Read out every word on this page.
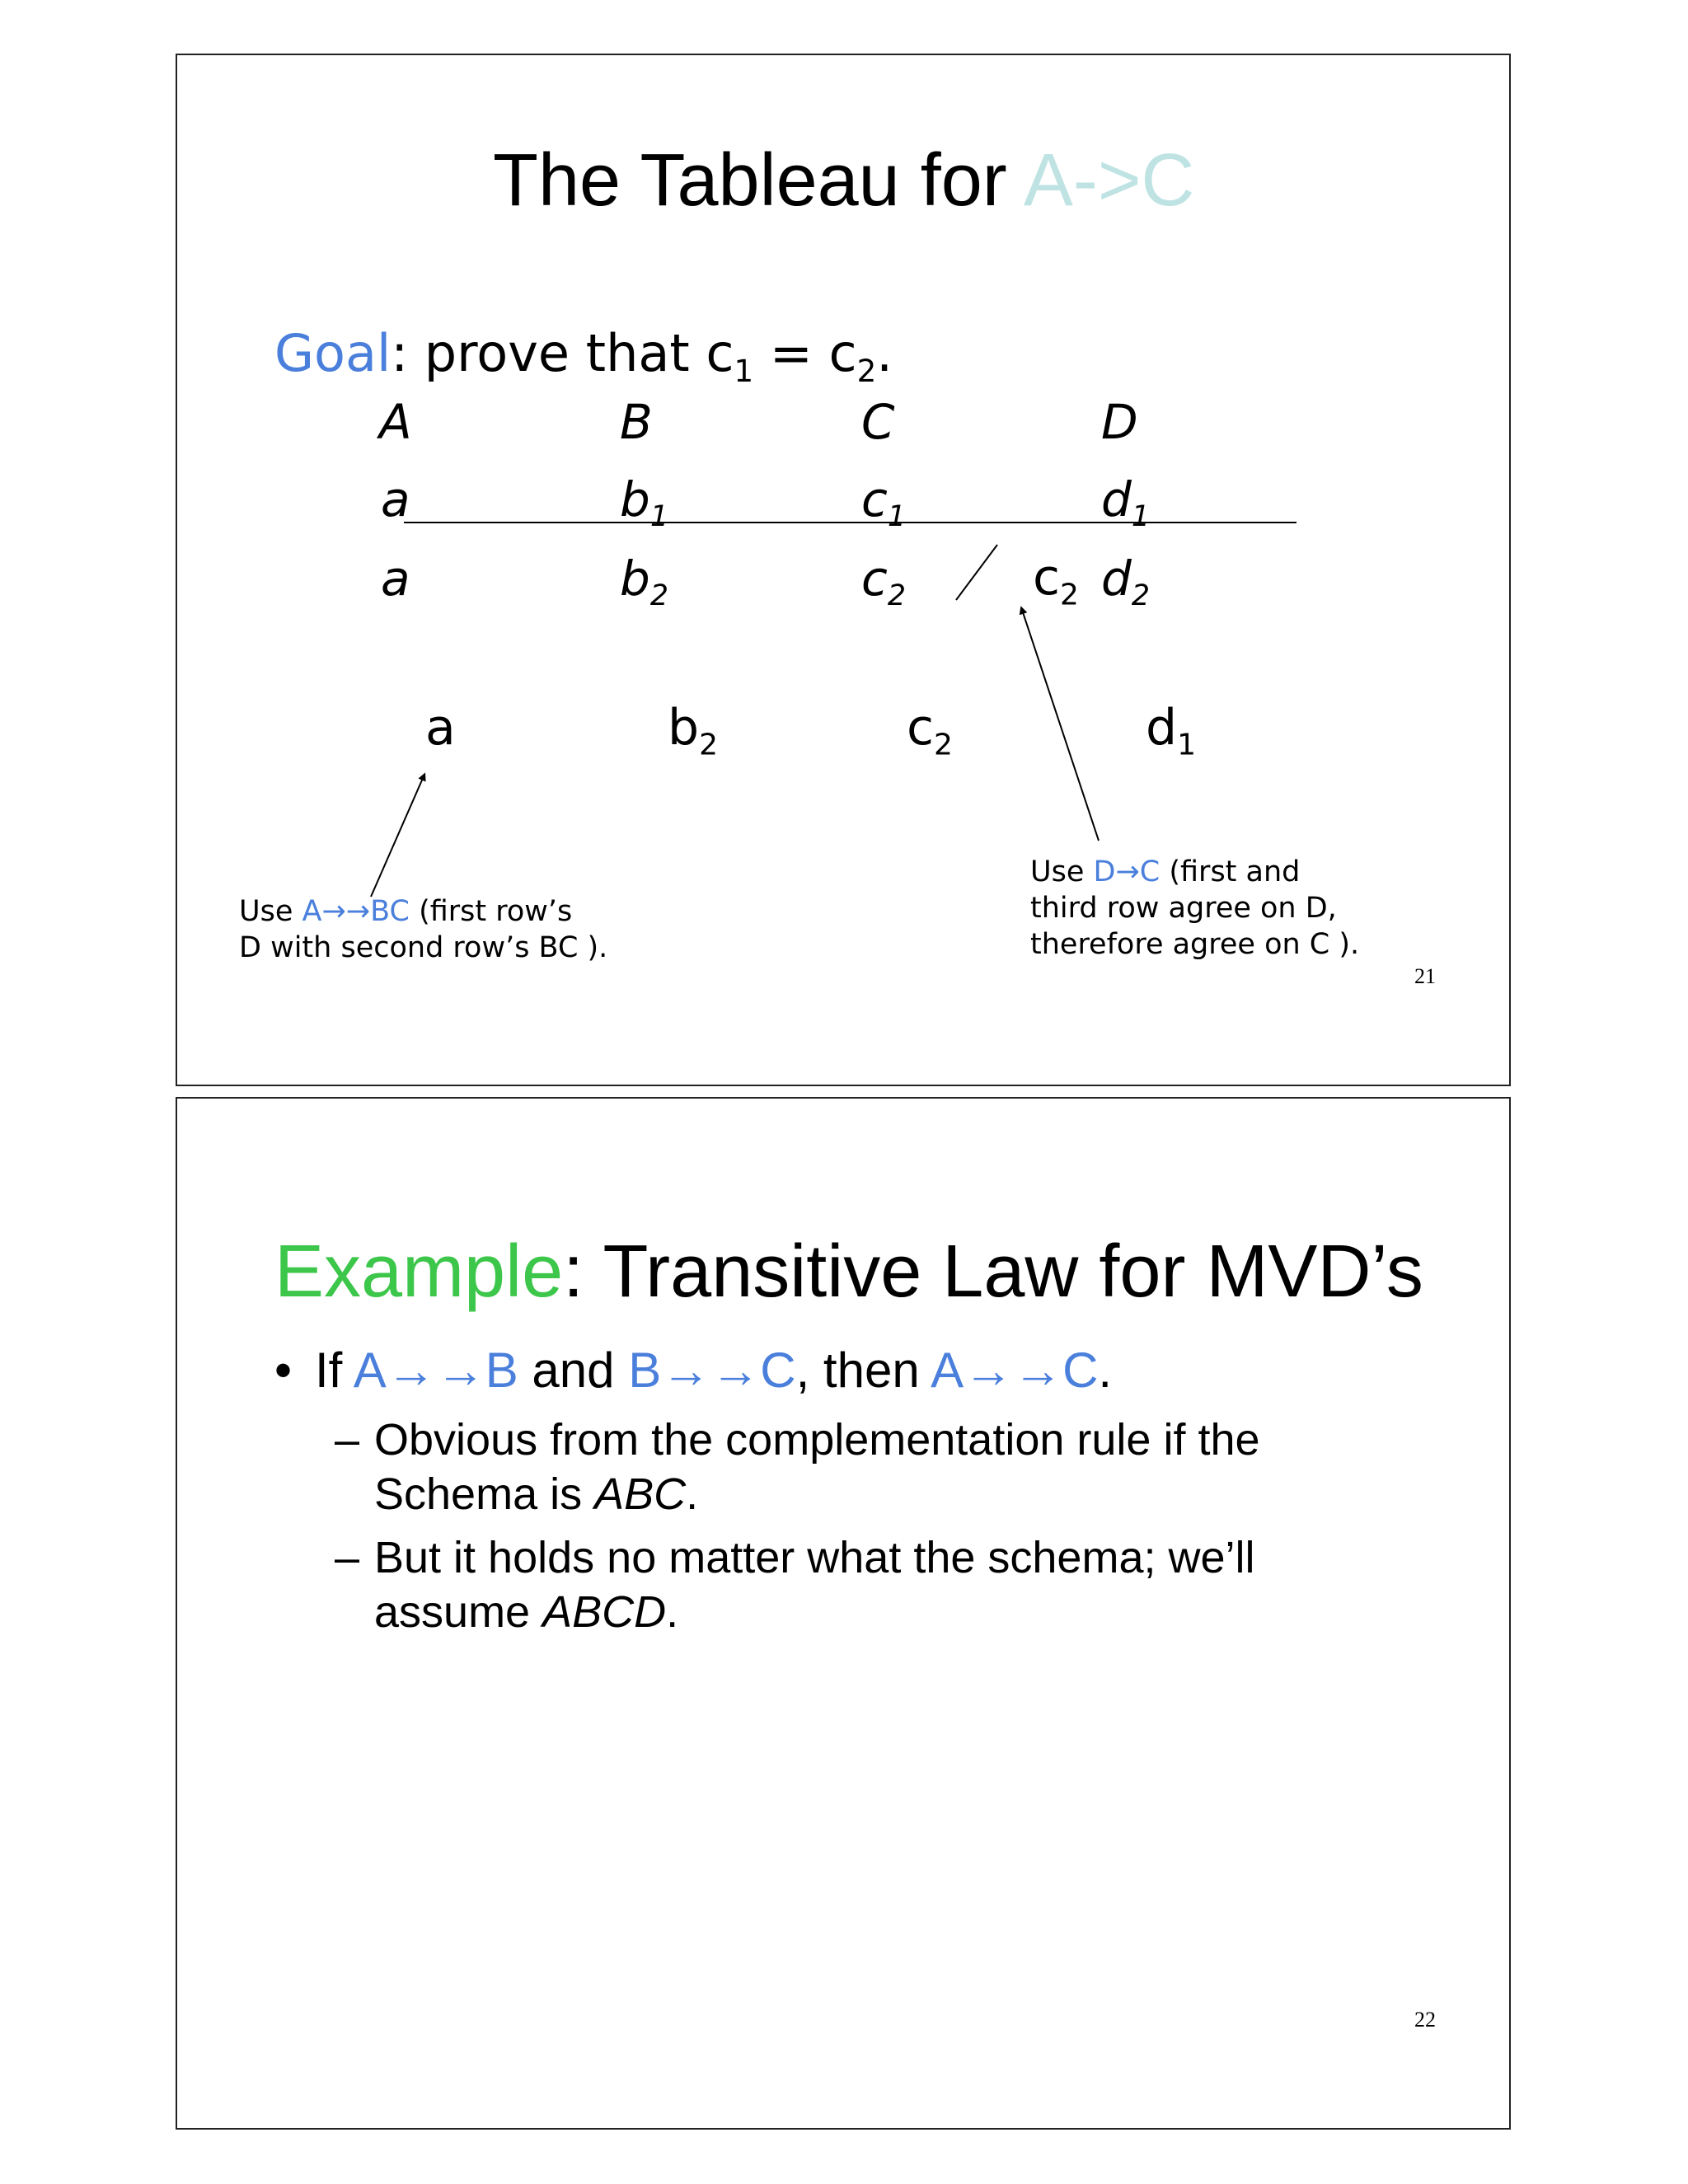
The Tableau for A->C
Goal: prove that $c_1 = c_2$.
A	B	C	D
a	$b_1$	$c_1$	$d_1$
a	$b_2$	$c_2$	$c_2$ $d_2$
a	$b_2$	$c_2$	$d_1$
Use A→→BC (first row’s
D with second row’s BC ).
Use D→C (first and
third row agree on D,
therefore agree on C ).
21
Example: Transitive Law for MVD’s
• If A→→B and B→→C, then A→→C.
– Obvious from the complementation rule if the
Schema is ABC.
– But it holds no matter what the schema; we’ll
assume ABCD.
22
